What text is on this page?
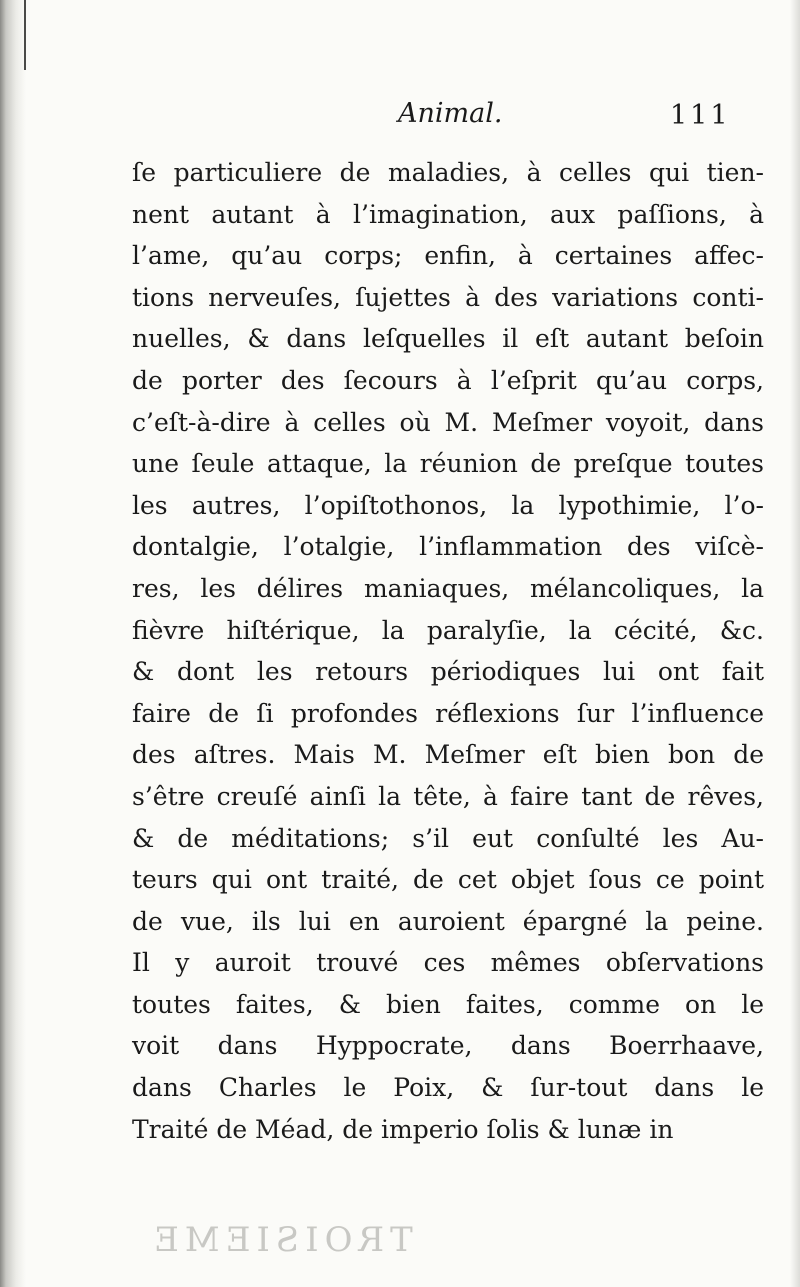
Animal.	111
ſe particuliere de maladies, à celles qui tien-
nent autant à l’imagination, aux paſſions, à
l’ame, qu’au corps; enfin, à certaines affec-
tions nerveuſes, ſujettes à des variations conti-
nuelles, & dans leſquelles il eſt autant beſoin
de porter des ſecours à l’eſprit qu’au corps,
c’eſt-à-dire à celles où M. Meſmer voyoit, dans
une ſeule attaque, la réunion de preſque toutes
les autres, l’opiſtothonos, la lypothimie, l’o-
dontalgie, l’otalgie, l’inflammation des viſcè-
res, les délires maniaques, mélancoliques, la
fièvre hiſtérique, la paralyſie, la cécité, &c.
& dont les retours périodiques lui ont fait
faire de ſi profondes réflexions ſur l’influence
des aſtres. Mais M. Meſmer eſt bien bon de
s’être creuſé ainſi la tête, à faire tant de rêves,
& de méditations; s’il eut conſulté les Au-
teurs qui ont traité, de cet objet ſous ce point
de vue, ils lui en auroient épargné la peine.
Il y auroit trouvé ces mêmes obſervations
toutes faites, & bien faites, comme on le
voit dans Hyppocrate, dans Boerrhaave,
dans Charles le Poix, & ſur-tout dans le
Traité de Méad, de imperio ſolis & lunæ in
TROISIEME
